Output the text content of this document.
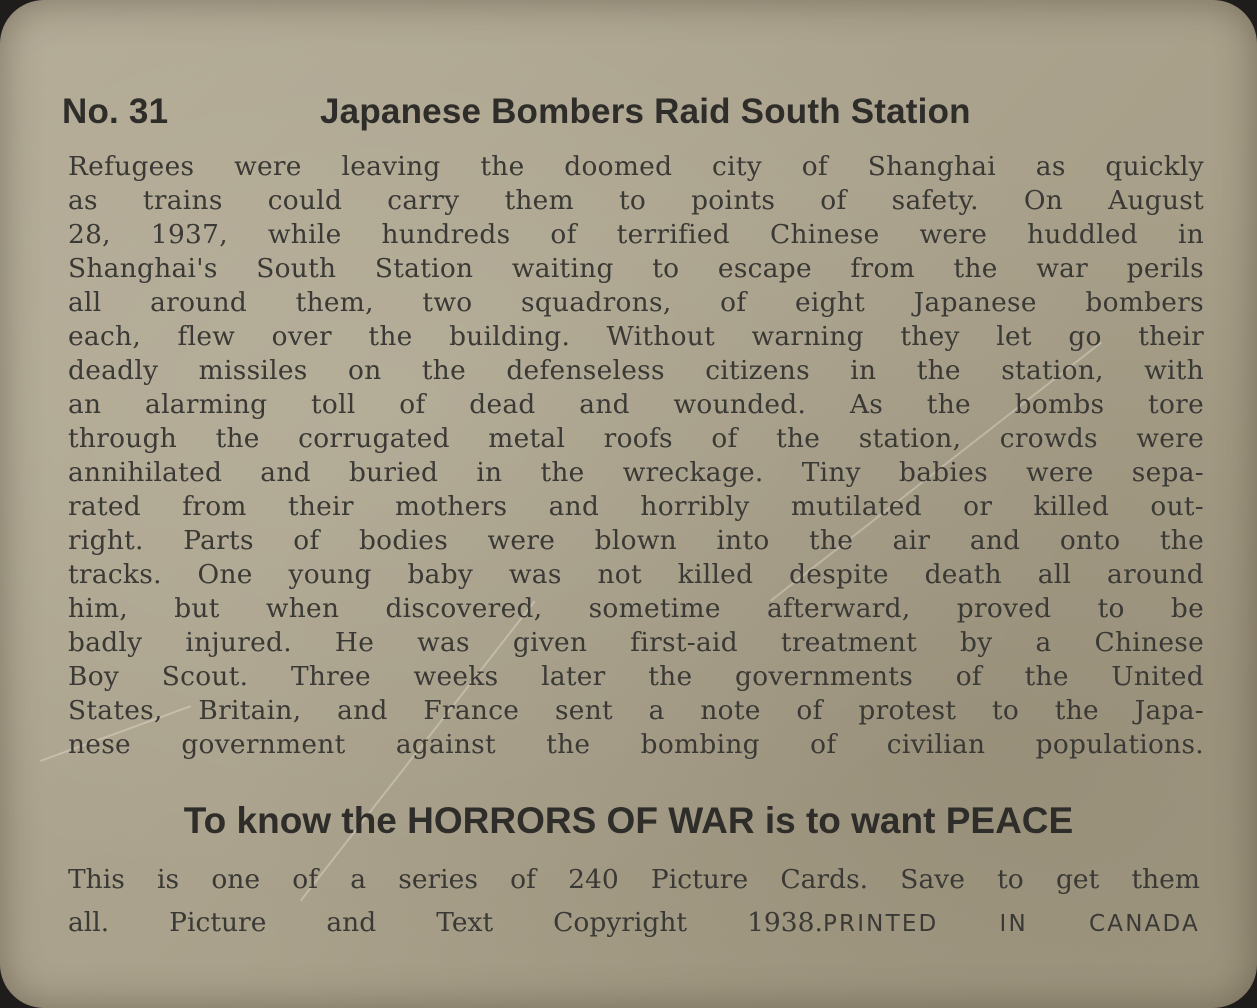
No. 31	Japanese Bombers Raid South Station
Refugees were leaving the doomed city of Shanghai as quickly
as trains could carry them to points of safety. On August
28, 1937, while hundreds of terrified Chinese were huddled in
Shanghai's South Station waiting to escape from the war perils
all around them, two squadrons, of eight Japanese bombers
each, flew over the building. Without warning they let go their
deadly missiles on the defenseless citizens in the station, with
an alarming toll of dead and wounded. As the bombs tore
through the corrugated metal roofs of the station, crowds were
annihilated and buried in the wreckage. Tiny babies were sepa-
rated from their mothers and horribly mutilated or killed out-
right. Parts of bodies were blown into the air and onto the
tracks. One young baby was not killed despite death all around
him, but when discovered, sometime afterward, proved to be
badly injured. He was given first-aid treatment by a Chinese
Boy Scout. Three weeks later the governments of the United
States, Britain, and France sent a note of protest to the Japa-
nese government against the bombing of civilian populations.
To know the HORRORS OF WAR is to want PEACE
This is one of a series of 240 Picture Cards. Save to get them
all. Picture and Text Copyright 1938.PRINTED IN CANADA
